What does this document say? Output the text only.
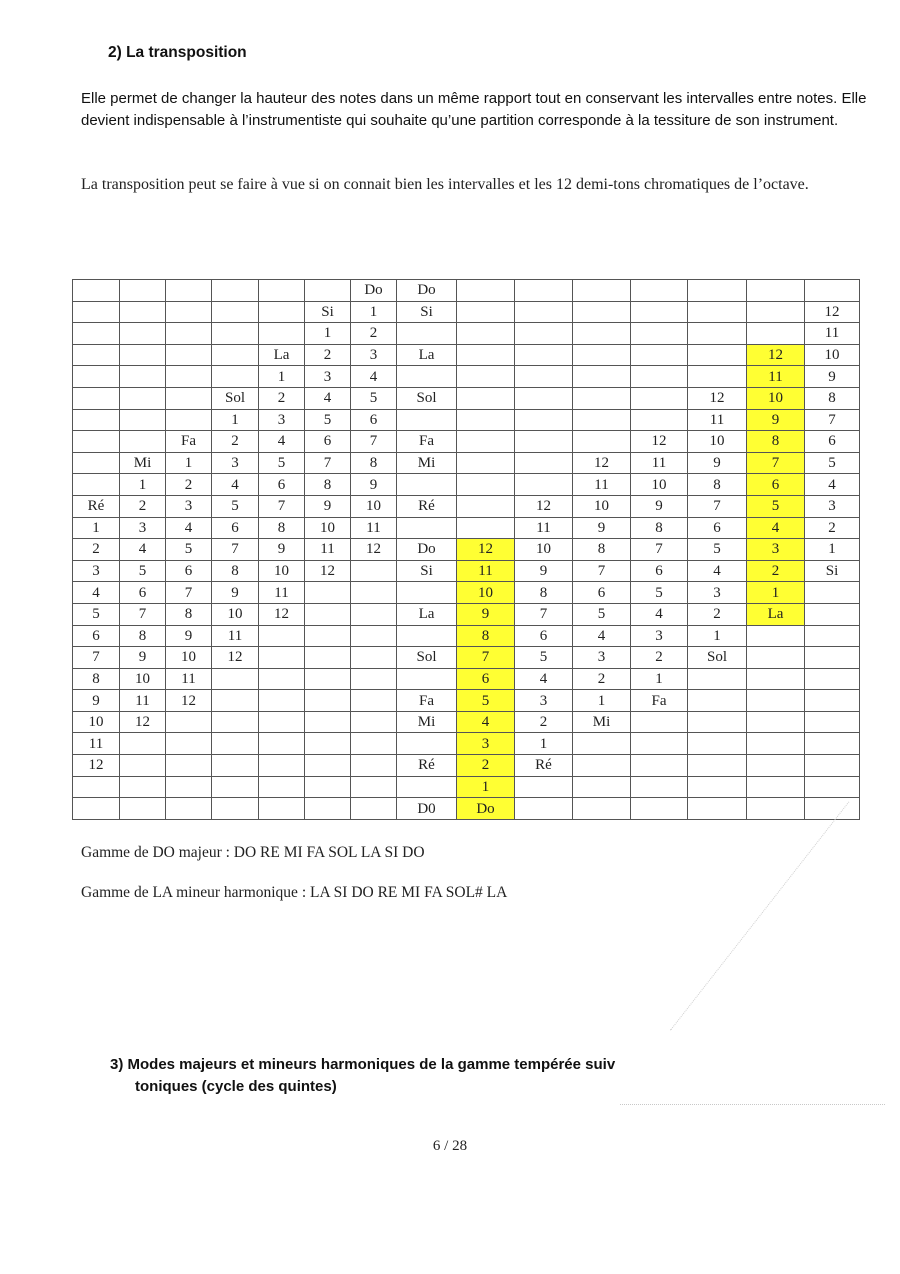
2) La transposition
Elle permet de changer la hauteur des notes dans un même rapport tout en conservant les intervalles entre notes. Elle devient indispensable à l’instrumentiste qui souhaite qu’une partition corresponde à la tessiture de son instrument.
La transposition peut se faire à vue si on connait bien les intervalles et les 12 demi-tons chromatiques de l’octave.
						Do	Do							
					Si	1	Si							12
					1	2								11
				La	2	3	La						12	10
				1	3	4							11	9
			Sol	2	4	5	Sol					12	10	8
			1	3	5	6						11	9	7
		Fa	2	4	6	7	Fa				12	10	8	6
	Mi	1	3	5	7	8	Mi			12	11	9	7	5
	1	2	4	6	8	9				11	10	8	6	4
Ré	2	3	5	7	9	10	Ré		12	10	9	7	5	3
1	3	4	6	8	10	11			11	9	8	6	4	2
2	4	5	7	9	11	12	Do	12	10	8	7	5	3	1
3	5	6	8	10	12		Si	11	9	7	6	4	2	Si
4	6	7	9	11				10	8	6	5	3	1	
5	7	8	10	12			La	9	7	5	4	2	La	
6	8	9	11					8	6	4	3	1		
7	9	10	12				Sol	7	5	3	2	Sol		
8	10	11						6	4	2	1			
9	11	12					Fa	5	3	1	Fa			
10	12						Mi	4	2	Mi				
11								3	1					
12							Ré	2	Ré					
								1						
							D0	Do						
Gamme de DO majeur : DO RE MI FA SOL LA SI DO
Gamme de LA mineur harmonique : LA SI DO RE MI FA SOL# LA
3) Modes majeurs et mineurs harmoniques de la gamme tempérée suiv
toniques (cycle des quintes)
6 / 28
